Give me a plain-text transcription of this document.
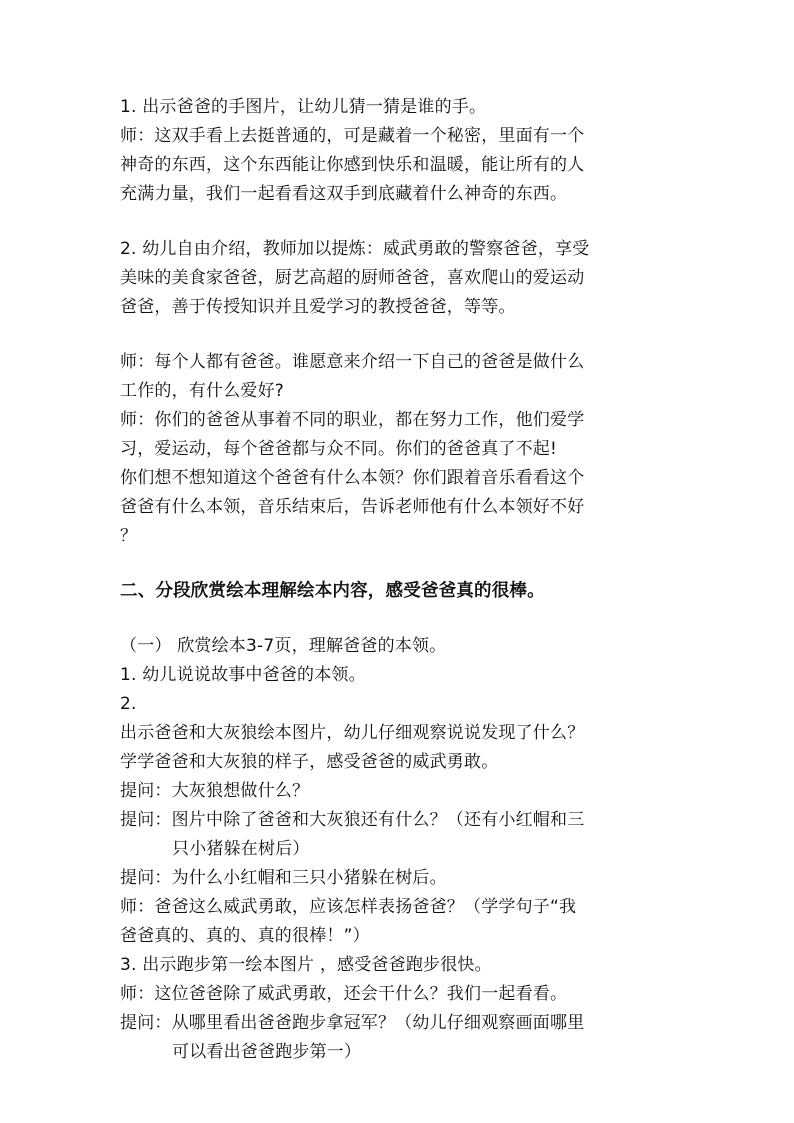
1. 出示爸爸的手图片，让幼儿猜一猜是谁的手。
师：这双手看上去挺普通的，可是藏着一个秘密，里面有一个
神奇的东西，这个东西能让你感到快乐和温暖，能让所有的人
充满力量，我们一起看看这双手到底藏着什么神奇的东西。
2. 幼儿自由介绍，教师加以提炼：威武勇敢的警察爸爸，享受
美味的美食家爸爸，厨艺高超的厨师爸爸，喜欢爬山的爱运动
爸爸，善于传授知识并且爱学习的教授爸爸，等等。
师：每个人都有爸爸。谁愿意来介绍一下自己的爸爸是做什么
工作的，有什么爱好?
师：你们的爸爸从事着不同的职业，都在努力工作，他们爱学
习，爱运动，每个爸爸都与众不同。你们的爸爸真了不起!
你们想不想知道这个爸爸有什么本领？你们跟着音乐看看这个
爸爸有什么本领，音乐结束后，告诉老师他有什么本领好不好
？
二、分段欣赏绘本理解绘本内容，感受爸爸真的很棒。
（一） 欣赏绘本3-7页，理解爸爸的本领。
1. 幼儿说说故事中爸爸的本领。
2.
出示爸爸和大灰狼绘本图片，幼儿仔细观察说说发现了什么？
学学爸爸和大灰狼的样子，感受爸爸的威武勇敢。
提问：大灰狼想做什么？
提问：图片中除了爸爸和大灰狼还有什么？（还有小红帽和三
只小猪躲在树后）
提问：为什么小红帽和三只小猪躲在树后。
师：爸爸这么威武勇敢，应该怎样表扬爸爸？（学学句子“我
爸爸真的、真的、真的很棒！”）
3. 出示跑步第一绘本图片 ，感受爸爸跑步很快。
师：这位爸爸除了威武勇敢，还会干什么？我们一起看看。
提问：从哪里看出爸爸跑步拿冠军？（幼儿仔细观察画面哪里
可以看出爸爸跑步第一）
